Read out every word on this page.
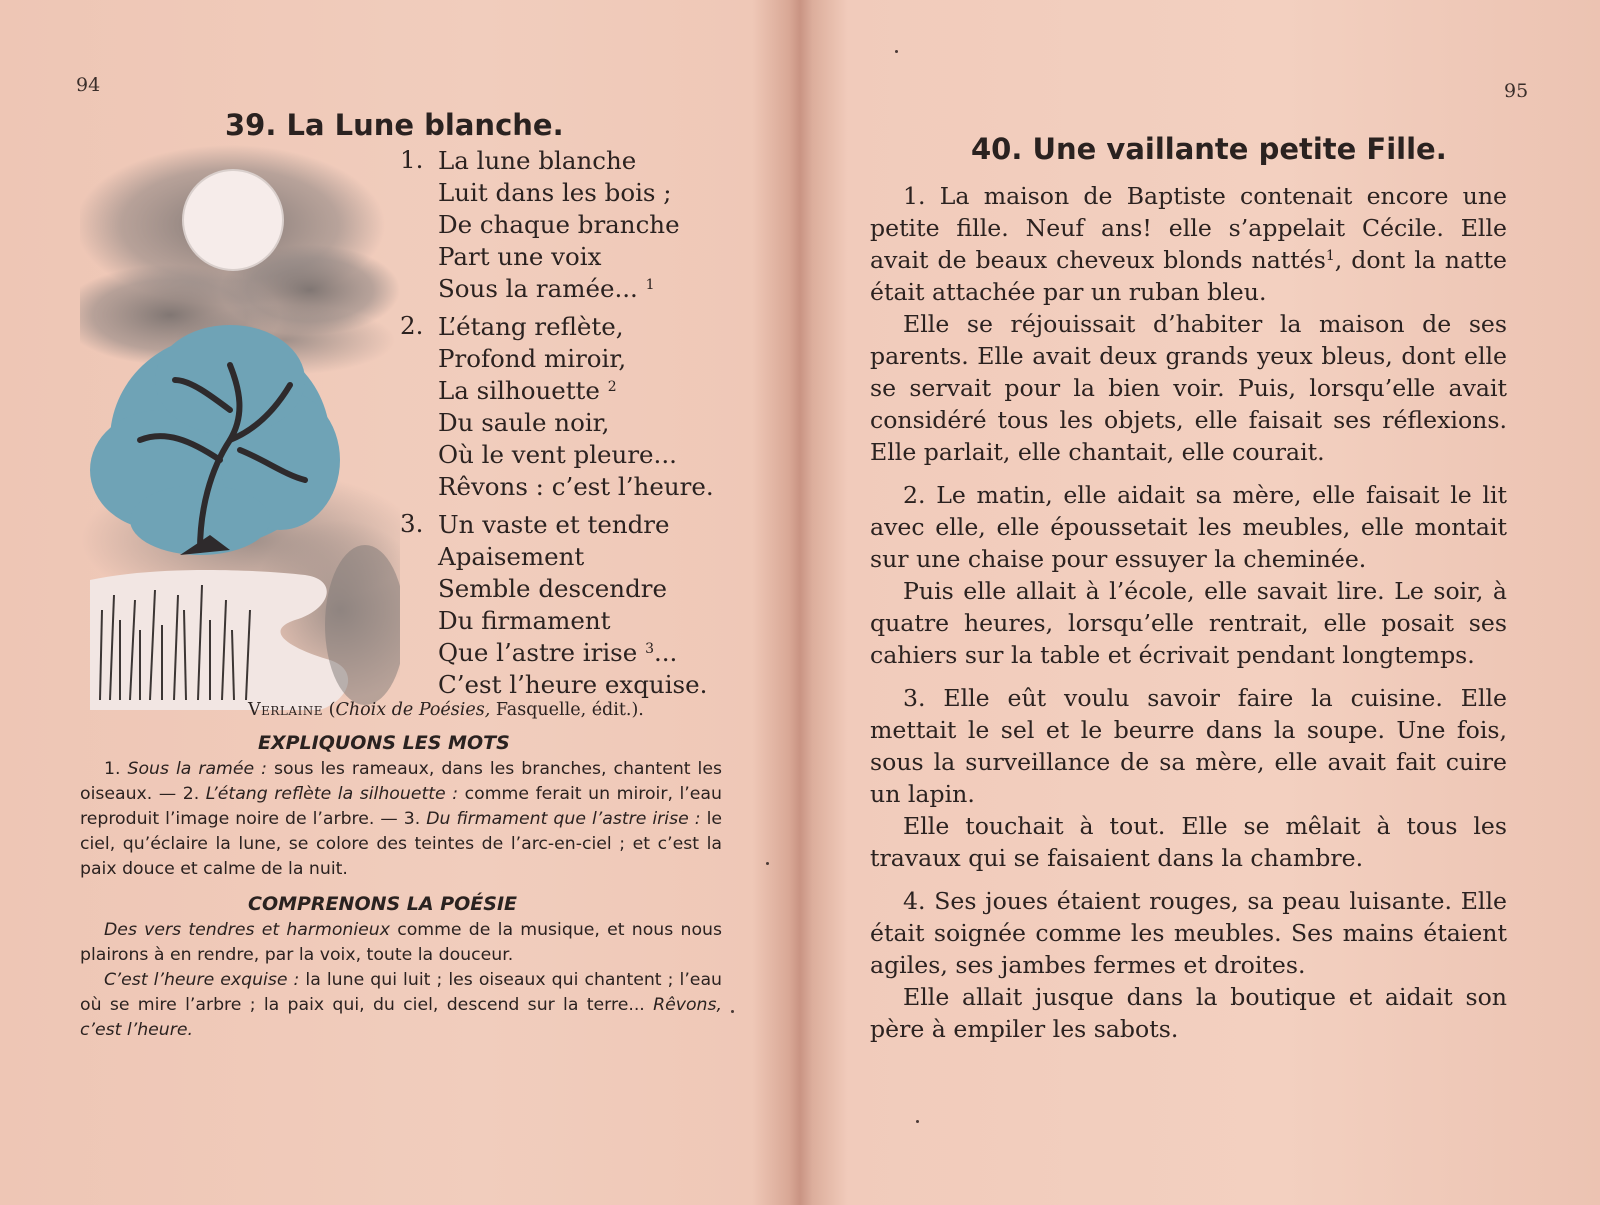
94
39. La Lune blanche.
1. La lune blanche
Luit dans les bois ;
De chaque branche
Part une voix
Sous la ramée... $^1$
2. L’étang reflète,
Profond miroir,
La silhouette $^2$
Du saule noir,
Où le vent pleure...
Rêvons : c’est l’heure.
3. Un vaste et tendre
Apaisement
Semble descendre
Du firmament
Que l’astre irise $^3$...
C’est l’heure exquise.
Verlaine (Choix de Poésies, Fasquelle, édit.).
EXPLIQUONS LES MOTS

1. Sous la ramée : sous les rameaux, dans les branches, chantent les oiseaux. — 2. L’étang reflète la silhouette : comme ferait un miroir, l’eau reproduit l’image noire de l’arbre. — 3. Du firmament que l’astre irise : le ciel, qu’éclaire la lune, se colore des teintes de l’arc-en-ciel ; et c’est la paix douce et calme de la nuit.

COMPRENONS LA POÉSIE

Des vers tendres et harmonieux comme de la musique, et nous nous plairons à en rendre, par la voix, toute la douceur.

C’est l’heure exquise : la lune qui luit ; les oiseaux qui chantent ; l’eau où se mire l’arbre ; la paix qui, du ciel, descend sur la terre... Rêvons, c’est l’heure.

95
40. Une vaillante petite Fille.

1. La maison de Baptiste contenait encore une petite fille. Neuf ans! elle s’appelait Cécile. Elle avait de beaux cheveux blonds nattés$^1$, dont la natte était attachée par un ruban bleu.

Elle se réjouissait d’habiter la maison de ses parents. Elle avait deux grands yeux bleus, dont elle se servait pour la bien voir. Puis, lorsqu’elle avait considéré tous les objets, elle faisait ses réflexions. Elle parlait, elle chantait, elle courait.

2. Le matin, elle aidait sa mère, elle faisait le lit avec elle, elle époussetait les meubles, elle montait sur une chaise pour essuyer la cheminée.

Puis elle allait à l’école, elle savait lire. Le soir, à quatre heures, lorsqu’elle rentrait, elle posait ses cahiers sur la table et écrivait pendant longtemps.

3. Elle eût voulu savoir faire la cuisine. Elle mettait le sel et le beurre dans la soupe. Une fois, sous la surveillance de sa mère, elle avait fait cuire un lapin.

Elle touchait à tout. Elle se mêlait à tous les travaux qui se faisaient dans la chambre.

4. Ses joues étaient rouges, sa peau luisante. Elle était soignée comme les meubles. Ses mains étaient agiles, ses jambes fermes et droites.

Elle allait jusque dans la boutique et aidait son père à empiler les sabots.
